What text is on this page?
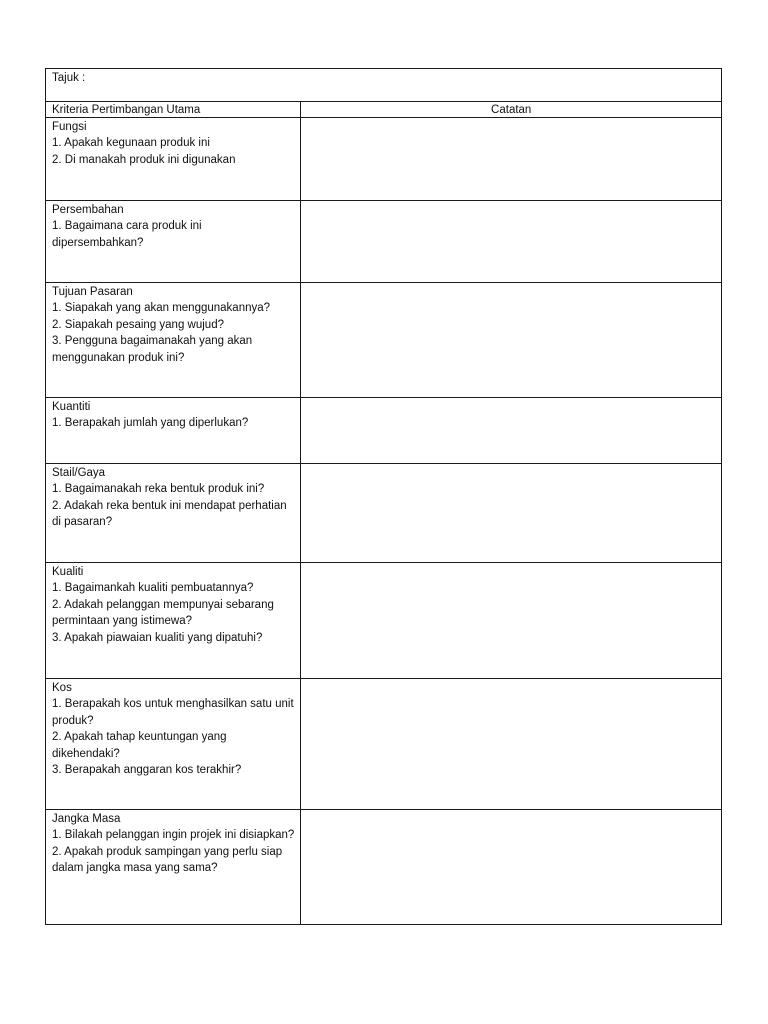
Tajuk :	
Kriteria Pertimbangan Utama	Catatan

Fungsi
1. Apakah kegunaan produk ini
2. Di manakah produk ini digunakan	

Persembahan
1. Bagaimana cara produk ini dipersembahkan?	

Tujuan Pasaran
1. Siapakah yang akan menggunakannya?
2. Siapakah pesaing yang wujud?
3. Pengguna bagaimanakah yang akan menggunakan produk ini?	

Kuantiti
1. Berapakah jumlah yang diperlukan?	

Stail/Gaya
1. Bagaimanakah reka bentuk produk ini?
2. Adakah reka bentuk ini mendapat perhatian di pasaran?	

Kualiti
1. Bagaimankah kualiti pembuatannya?
2. Adakah pelanggan mempunyai sebarang permintaan yang istimewa?
3. Apakah piawaian kualiti yang dipatuhi?	

Kos
1. Berapakah kos untuk menghasilkan satu unit produk?
2. Apakah tahap keuntungan yang dikehendaki?
3. Berapakah anggaran kos terakhir?	

Jangka Masa
1. Bilakah pelanggan ingin projek ini disiapkan?
2. Apakah produk sampingan yang perlu siap dalam jangka masa yang sama?	
